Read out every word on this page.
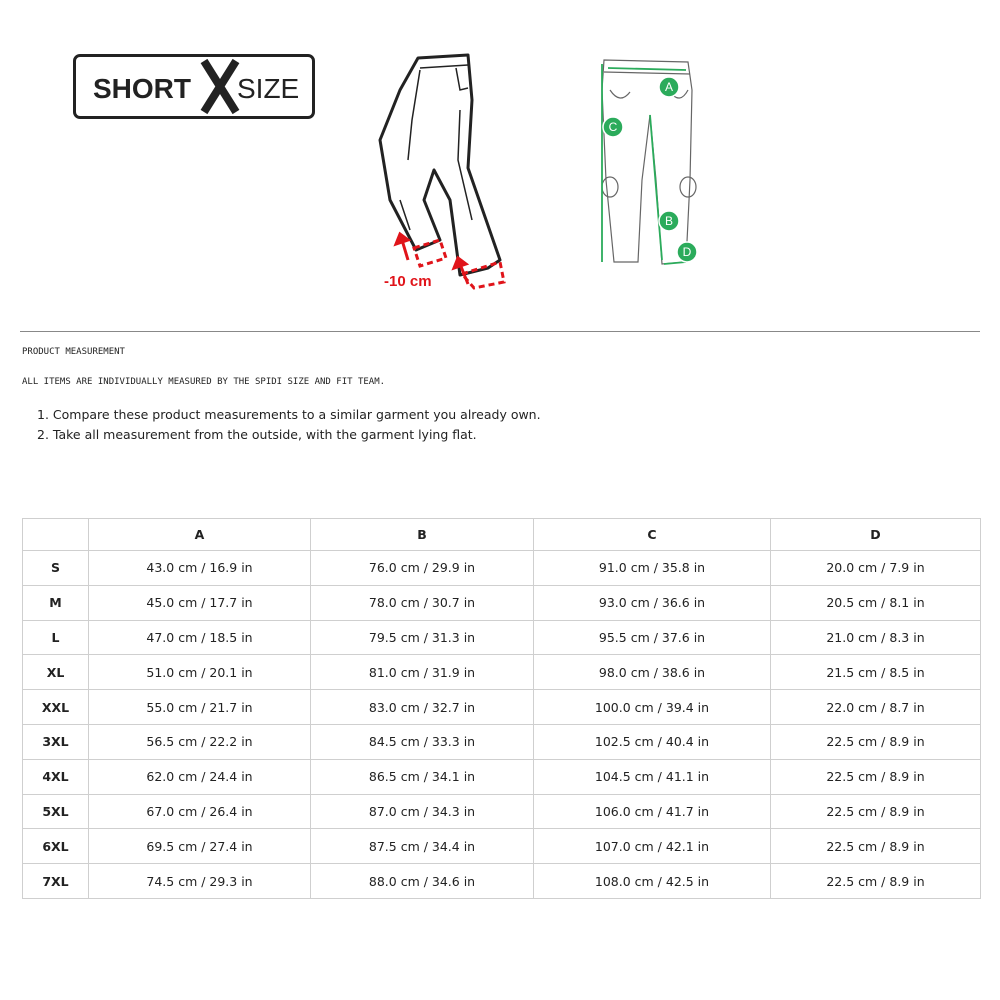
SHORT SIZE
-10 cm
A
C
B
D
PRODUCT MEASUREMENT
ALL ITEMS ARE INDIVIDUALLY MEASURED BY THE SPIDI SIZE AND FIT TEAM.
1. Compare these product measurements to a similar garment you already own.
2. Take all measurement from the outside, with the garment lying flat.
	A	B	C	D
S	43.0 cm / 16.9 in	76.0 cm / 29.9 in	91.0 cm / 35.8 in	20.0 cm / 7.9 in
M	45.0 cm / 17.7 in	78.0 cm / 30.7 in	93.0 cm / 36.6 in	20.5 cm / 8.1 in
L	47.0 cm / 18.5 in	79.5 cm / 31.3 in	95.5 cm / 37.6 in	21.0 cm / 8.3 in
XL	51.0 cm / 20.1 in	81.0 cm / 31.9 in	98.0 cm / 38.6 in	21.5 cm / 8.5 in
XXL	55.0 cm / 21.7 in	83.0 cm / 32.7 in	100.0 cm / 39.4 in	22.0 cm / 8.7 in
3XL	56.5 cm / 22.2 in	84.5 cm / 33.3 in	102.5 cm / 40.4 in	22.5 cm / 8.9 in
4XL	62.0 cm / 24.4 in	86.5 cm / 34.1 in	104.5 cm / 41.1 in	22.5 cm / 8.9 in
5XL	67.0 cm / 26.4 in	87.0 cm / 34.3 in	106.0 cm / 41.7 in	22.5 cm / 8.9 in
6XL	69.5 cm / 27.4 in	87.5 cm / 34.4 in	107.0 cm / 42.1 in	22.5 cm / 8.9 in
7XL	74.5 cm / 29.3 in	88.0 cm / 34.6 in	108.0 cm / 42.5 in	22.5 cm / 8.9 in
